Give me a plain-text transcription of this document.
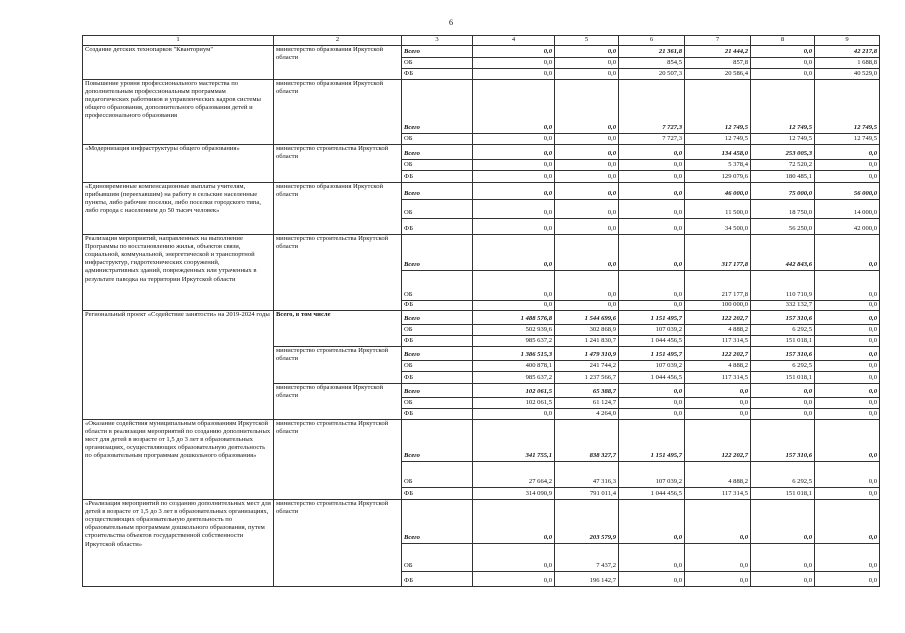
6
1	2	3	4	5	6	7	8	9
Создание детских технопарков "Кванториум"	министерство образования Иркутской области	Всего	0,0	0,0	21 361,8	21 444,2	0,0	42 217,8
		ОБ	0,0	0,0	854,5	857,8	0,0	1 688,8
		ФБ	0,0	0,0	20 507,3	20 586,4	0,0	40 529,0
Повышение уровня профессионального мастерства по дополнительным профессиональным программам педагогических работников и управленческих кадров системы общего образования, дополнительного образования детей и профессионального образования	министерство образования Иркутской области	Всего	0,0	0,0	7 727,3	12 749,5	12 749,5	12 749,5
		ОБ	0,0	0,0	7 727,3	12 749,5	12 749,5	12 749,5
«Модернизация инфраструктуры общего образования»	министерство строительства Иркутской области	Всего	0,0	0,0	0,0	134 458,0	253 005,3	0,0
		ОБ	0,0	0,0	0,0	5 378,4	72 520,2	0,0
		ФБ	0,0	0,0	0,0	129 079,6	180 485,1	0,0
«Единовременные компенсационные выплаты учителям, прибывшим (переехавшим) на работу в сельские населенные пункты, либо рабочие поселки, либо поселки городского типа, либо города с населением до 50 тысяч человек»	министерство образования Иркутской области	Всего	0,0	0,0	0,0	46 000,0	75 000,0	56 000,0
		ОБ	0,0	0,0	0,0	11 500,0	18 750,0	14 000,0
		ФБ	0,0	0,0	0,0	34 500,0	56 250,0	42 000,0
Реализация мероприятий, направленных на выполнение Программы по восстановлению жилья, объектов связи, социальной, коммунальной, энергетической и транспортной инфраструктур, гидротехнических сооружений, административных зданий, поврежденных или утраченных в результате паводка на территории Иркутской области	министерство строительства Иркутской области	Всего	0,0	0,0	0,0	317 177,8	442 843,6	0,0
		ОБ	0,0	0,0	0,0	217 177,8	110 710,9	0,0
		ФБ	0,0	0,0	0,0	100 000,0	332 132,7	0,0
Региональный проект «Содействие занятости» на 2019-2024 годы	Всего, в том числе	Всего	1 488 576,8	1 544 699,6	1 151 495,7	122 202,7	157 310,6	0,0
		ОБ	502 939,6	302 868,9	107 039,2	4 888,2	6 292,5	0,0
		ФБ	985 637,2	1 241 830,7	1 044 456,5	117 314,5	151 018,1	0,0
	министерство строительства Иркутской области	Всего	1 386 515,3	1 479 310,9	1 151 495,7	122 202,7	157 310,6	0,0
		ОБ	400 878,1	241 744,2	107 039,2	4 888,2	6 292,5	0,0
		ФБ	985 637,2	1 237 566,7	1 044 456,5	117 314,5	151 018,1	0,0
	министерство образования Иркутской области	Всего	102 061,5	65 388,7	0,0	0,0	0,0	0,0
		ОБ	102 061,5	61 124,7	0,0	0,0	0,0	0,0
		ФБ	0,0	4 264,0	0,0	0,0	0,0	0,0
«Оказание содействия муниципальным образованиям Иркутской области в реализации мероприятий по созданию дополнительных мест для детей в возрасте от 1,5 до 3 лет в образовательных организациях, осуществляющих образовательную деятельность по образовательным программам дошкольного образования»	министерство строительства Иркутской области	Всего	341 755,1	838 327,7	1 151 495,7	122 202,7	157 310,6	0,0
		ОБ	27 664,2	47 316,3	107 039,2	4 888,2	6 292,5	0,0
		ФБ	314 090,9	791 011,4	1 044 456,5	117 314,5	151 018,1	0,0
«Реализация мероприятий по созданию дополнительных мест для детей в возрасте от 1,5 до 3 лет в образовательных организациях, осуществляющих образовательную деятельность по образовательным программам дошкольного образования, путем строительства объектов государственной собственности Иркутской области»	министерство строительства Иркутской области	Всего	0,0	203 579,9	0,0	0,0	0,0	0,0
		ОБ	0,0	7 437,2	0,0	0,0	0,0	0,0
		ФБ	0,0	196 142,7	0,0	0,0	0,0	0,0
